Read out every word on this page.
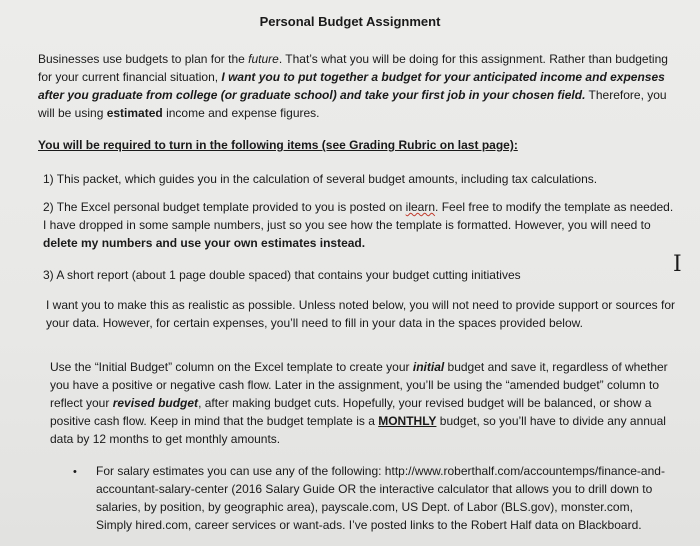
Personal Budget Assignment
Businesses use budgets to plan for the future. That’s what you will be doing for this assignment. Rather than budgeting for your current financial situation, I want you to put together a budget for your anticipated income and expenses after you graduate from college (or graduate school) and take your first job in your chosen field. Therefore, you will be using estimated income and expense figures.
You will be required to turn in the following items (see Grading Rubric on last page):
1) This packet, which guides you in the calculation of several budget amounts, including tax calculations.
2) The Excel personal budget template provided to you is posted on ilearn. Feel free to modify the template as needed. I have dropped in some sample numbers, just so you see how the template is formatted. However, you will need to delete my numbers and use your own estimates instead.
3) A short report (about 1 page double spaced) that contains your budget cutting initiatives	I
I want you to make this as realistic as possible. Unless noted below, you will not need to provide support or sources for your data. However, for certain expenses, you’ll need to fill in your data in the spaces provided below.
Use the “Initial Budget” column on the Excel template to create your initial budget and save it, regardless of whether you have a positive or negative cash flow. Later in the assignment, you’ll be using the “amended budget” column to reflect your revised budget, after making budget cuts. Hopefully, your revised budget will be balanced, or show a positive cash flow. Keep in mind that the budget template is a MONTHLY budget, so you’ll have to divide any annual data by 12 months to get monthly amounts.
• For salary estimates you can use any of the following: http://www.roberthalf.com/accountemps/finance-and-accountant-salary-center (2016 Salary Guide OR the interactive calculator that allows you to drill down to salaries, by position, by geographic area), payscale.com, US Dept. of Labor (BLS.gov), monster.com, Simply hired.com, career services or want-ads. I’ve posted links to the Robert Half data on Blackboard.
